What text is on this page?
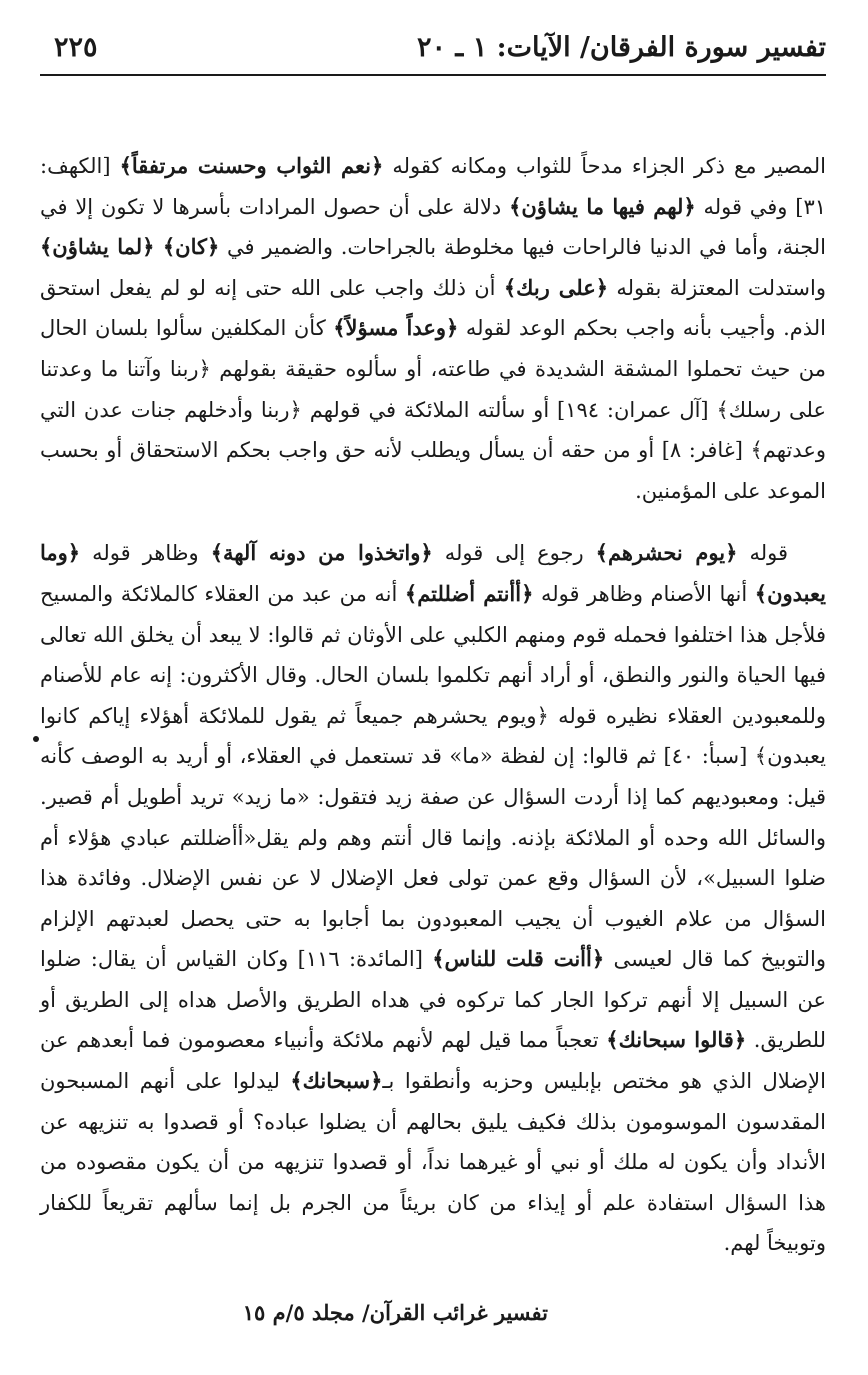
تفسير سورة الفرقان/ الآيات: ١ ـ ٢٠
٢٢٥

المصير مع ذكر الجزاء مدحاً للثواب ومكانه كقوله ﴿نعم الثواب وحسنت مرتفقاً﴾ [الكهف: ٣١] وفي قوله ﴿لهم فيها ما يشاؤن﴾ دلالة على أن حصول المرادات بأسرها لا تكون إلا في الجنة، وأما في الدنيا فالراحات فيها مخلوطة بالجراحات. والضمير في ﴿كان﴾ ﴿لما يشاؤن﴾ واستدلت المعتزلة بقوله ﴿على ربك﴾ أن ذلك واجب على الله حتى إنه لو لم يفعل استحق الذم. وأجيب بأنه واجب بحكم الوعد لقوله ﴿وعداً مسؤلاً﴾ كأن المكلفين سألوا بلسان الحال من حيث تحملوا المشقة الشديدة في طاعته، أو سألوه حقيقة بقولهم ﴿ربنا وآتنا ما وعدتنا على رسلك﴾ [آل عمران: ١٩٤] أو سألته الملائكة في قولهم ﴿ربنا وأدخلهم جنات عدن التي وعدتهم﴾ [غافر: ٨] أو من حقه أن يسأل ويطلب لأنه حق واجب بحكم الاستحقاق أو بحسب الموعد على المؤمنين.

قوله ﴿يوم نحشرهم﴾ رجوع إلى قوله ﴿واتخذوا من دونه آلهة﴾ وظاهر قوله ﴿وما يعبدون﴾ أنها الأصنام وظاهر قوله ﴿أأنتم أضللتم﴾ أنه من عبد من العقلاء كالملائكة والمسيح فلأجل هذا اختلفوا فحمله قوم ومنهم الكلبي على الأوثان ثم قالوا: لا يبعد أن يخلق الله تعالى فيها الحياة والنور والنطق، أو أراد أنهم تكلموا بلسان الحال. وقال الأكثرون: إنه عام للأصنام وللمعبودين العقلاء نظيره قوله ﴿ويوم يحشرهم جميعاً ثم يقول للملائكة أهؤلاء إياكم كانوا يعبدون﴾ [سبأ: ٤٠] ثم قالوا: إن لفظة «ما» قد تستعمل في العقلاء، أو أريد به الوصف كأنه قيل: ومعبوديهم كما إذا أردت السؤال عن صفة زيد فتقول: «ما زيد» تريد أطويل أم قصير. والسائل الله وحده أو الملائكة بإذنه. وإنما قال أنتم وهم ولم يقل«أأضللتم عبادي هؤلاء أم ضلوا السبيل»، لأن السؤال وقع عمن تولى فعل الإضلال لا عن نفس الإضلال. وفائدة هذا السؤال من علام الغيوب أن يجيب المعبودون بما أجابوا به حتى يحصل لعبدتهم الإلزام والتوبيخ كما قال لعيسى ﴿أأنت قلت للناس﴾ [المائدة: ١١٦] وكان القياس أن يقال: ضلوا عن السبيل إلا أنهم تركوا الجار كما تركوه في هداه الطريق والأصل هداه إلى الطريق أو للطريق. ﴿قالوا سبحانك﴾ تعجباً مما قيل لهم لأنهم ملائكة وأنبياء معصومون فما أبعدهم عن الإضلال الذي هو مختص بإبليس وحزبه وأنطقوا بـ﴿سبحانك﴾ ليدلوا على أنهم المسبحون المقدسون الموسومون بذلك فكيف يليق بحالهم أن يضلوا عباده؟ أو قصدوا به تنزيهه عن الأنداد وأن يكون له ملك أو نبي أو غيرهما نداً، أو قصدوا تنزيهه من أن يكون مقصوده من هذا السؤال استفادة علم أو إيذاء من كان بريئاً من الجرم بل إنما سألهم تقريعاً للكفار وتوبيخاً لهم.

تفسير غرائب القرآن/ مجلد ٥/م ١٥
